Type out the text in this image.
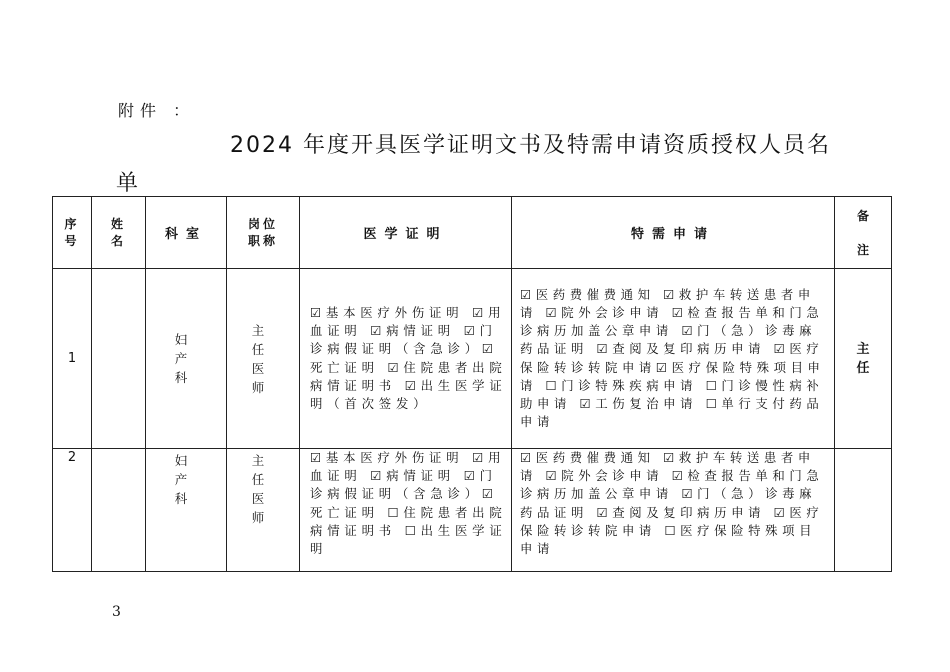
附件 ：
2024 年度开具医学证明文书及特需申请资质授权人员名
单
序号	姓名	科室	岗位职称	医学证明	特需申请	备注
1		妇产科	主任医师	☑基本医疗外伤证明 ☑用血证明 ☑病情证明 ☑门诊病假证明（含急诊）☑死亡证明 ☑住院患者出院病情证明书 ☑出生医学证明（首次签发）	☑医药费催费通知 ☑救护车转送患者申请 ☑院外会诊申请 ☑检查报告单和门急诊病历加盖公章申请 ☑门（急）诊毒麻药品证明 ☑查阅及复印病历申请 ☑医疗保险转诊转院申请☑医疗保险特殊项目申请 ☐门诊特殊疾病申请 ☐门诊慢性病补助申请 ☑工伤复治申请 ☐单行支付药品申请	主任
2		妇产科	主任医师	☑基本医疗外伤证明 ☑用血证明 ☑病情证明 ☑门诊病假证明（含急诊）☑死亡证明 ☐住院患者出院病情证明书 ☐出生医学证明	☑医药费催费通知 ☑救护车转送患者申请 ☑院外会诊申请 ☑检查报告单和门急诊病历加盖公章申请 ☑门（急）诊毒麻药品证明 ☑查阅及复印病历申请 ☑医疗保险转诊转院申请 ☐医疗保险特殊项目申请	

3
